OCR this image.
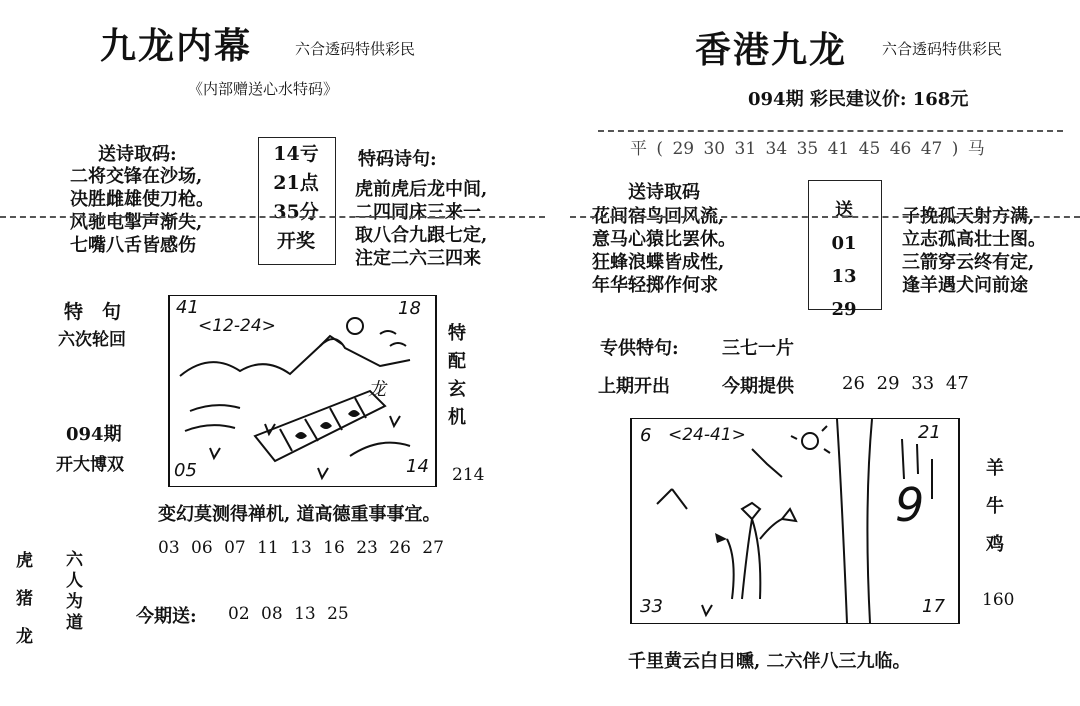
九龙内幕	六合透码特供彩民
《内部赠送心水特码》
送诗取码:
二将交锋在沙场,
决胜雌雄使刀枪。
风驰电掣声渐失,
七嘴八舌皆感伤
14亏
21点
35分
开奖
特码诗句:
虎前虎后龙中间,
二四同床三来一
取八合九跟七定,
注定二六三四来
特　句
六次轮回
094期
开大博双
41
<12-24>
18
05	14
龙
特
配
玄
机
214
变幻莫测得禅机, 道高德重事事宜。
03 06 07 11 13 16 23 26 27
虎
猪
龙
六
人
为
道	今期送: 02 08 13 25
香港九龙 六合透码特供彩民
094期 彩民建议价: 168元
平 ( 29 30 31 34 35 41 45 46 47 ) 马
送诗取码
花间宿鸟回风流,
意马心猿比罢休。
狂蜂浪蝶皆成性,
年华轻掷作何求
送
01
13
29
子挽孤天射方满,
立志孤高壮士图。
三箭穿云终有定,
逢羊遇犬问前途
专供特句: 三七一片
上期开出	今期提供	26 29 33 47
6 <24-41>	21
9
33	17
羊
牛
鸡
160
千里黄云白日曛, 二六伴八三九临。
